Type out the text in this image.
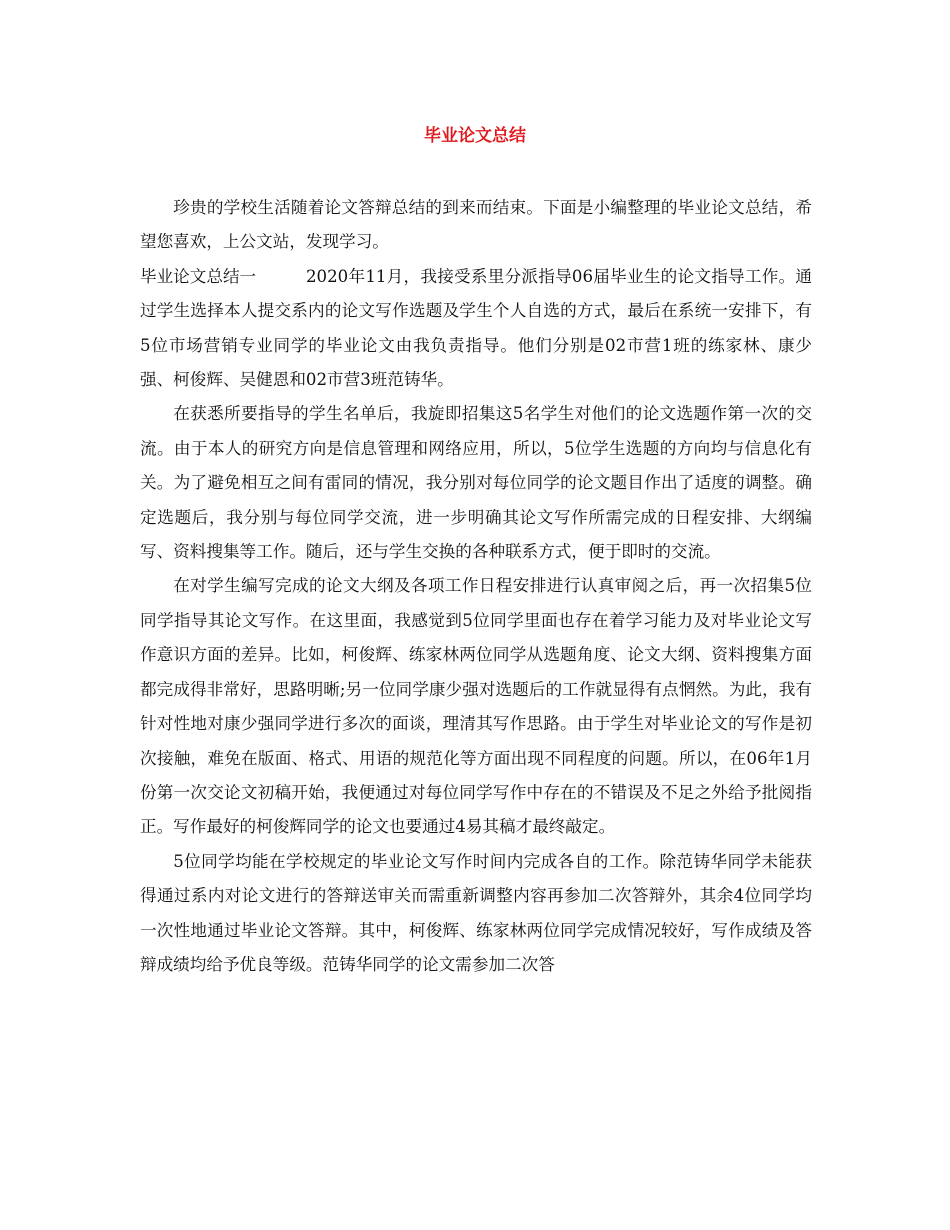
毕业论文总结

珍贵的学校生活随着论文答辩总结的到来而结束。下面是小编整理的毕业论文总结，希望您喜欢，上公文站，发现学习。

毕业论文总结一	2020年11月，我接受系里分派指导06届毕业生的论文指导工作。通过学生选择本人提交系内的论文写作选题及学生个人自选的方式，最后在系统一安排下，有5位市场营销专业同学的毕业论文由我负责指导。他们分别是02市营1班的练家林、康少强、柯俊辉、吴健恩和02市营3班范铸华。

在获悉所要指导的学生名单后，我旋即招集这5名学生对他们的论文选题作第一次的交流。由于本人的研究方向是信息管理和网络应用，所以，5位学生选题的方向均与信息化有关。为了避免相互之间有雷同的情况，我分别对每位同学的论文题目作出了适度的调整。确定选题后，我分别与每位同学交流，进一步明确其论文写作所需完成的日程安排、大纲编写、资料搜集等工作。随后，还与学生交换的各种联系方式，便于即时的交流。

在对学生编写完成的论文大纲及各项工作日程安排进行认真审阅之后，再一次招集5位同学指导其论文写作。在这里面，我感觉到5位同学里面也存在着学习能力及对毕业论文写作意识方面的差异。比如，柯俊辉、练家林两位同学从选题角度、论文大纲、资料搜集方面都完成得非常好，思路明晰;另一位同学康少强对选题后的工作就显得有点惘然。为此，我有针对性地对康少强同学进行多次的面谈，理清其写作思路。由于学生对毕业论文的写作是初次接触，难免在版面、格式、用语的规范化等方面出现不同程度的问题。所以，在06年1月份第一次交论文初稿开始，我便通过对每位同学写作中存在的不错误及不足之外给予批阅指正。写作最好的柯俊辉同学的论文也要通过4易其稿才最终敲定。

5位同学均能在学校规定的毕业论文写作时间内完成各自的工作。除范铸华同学未能获得通过系内对论文进行的答辩送审关而需重新调整内容再参加二次答辩外，其余4位同学均一次性地通过毕业论文答辩。其中，柯俊辉、练家林两位同学完成情况较好，写作成绩及答辩成绩均给予优良等级。范铸华同学的论文需参加二次答
